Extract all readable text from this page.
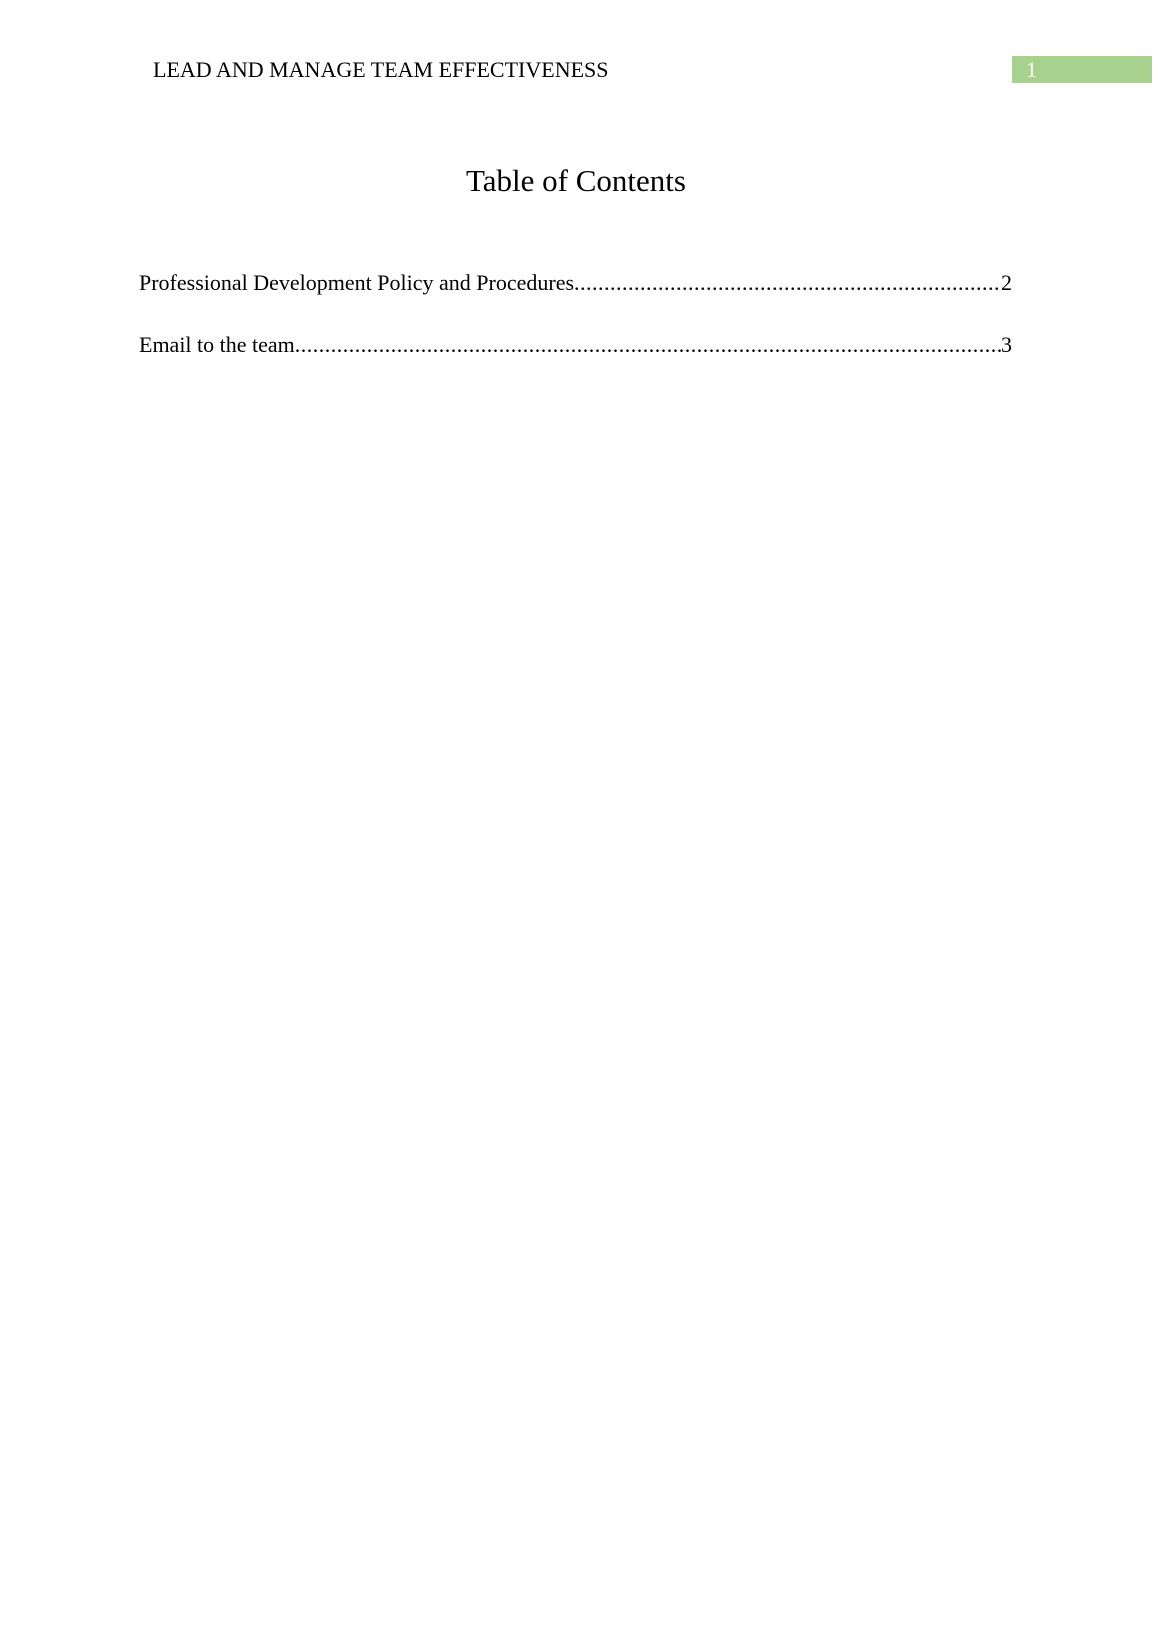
LEAD AND MANAGE TEAM EFFECTIVENESS	1
Table of Contents
Professional Development Policy and Procedures .....	2
Email to the team .....	3
